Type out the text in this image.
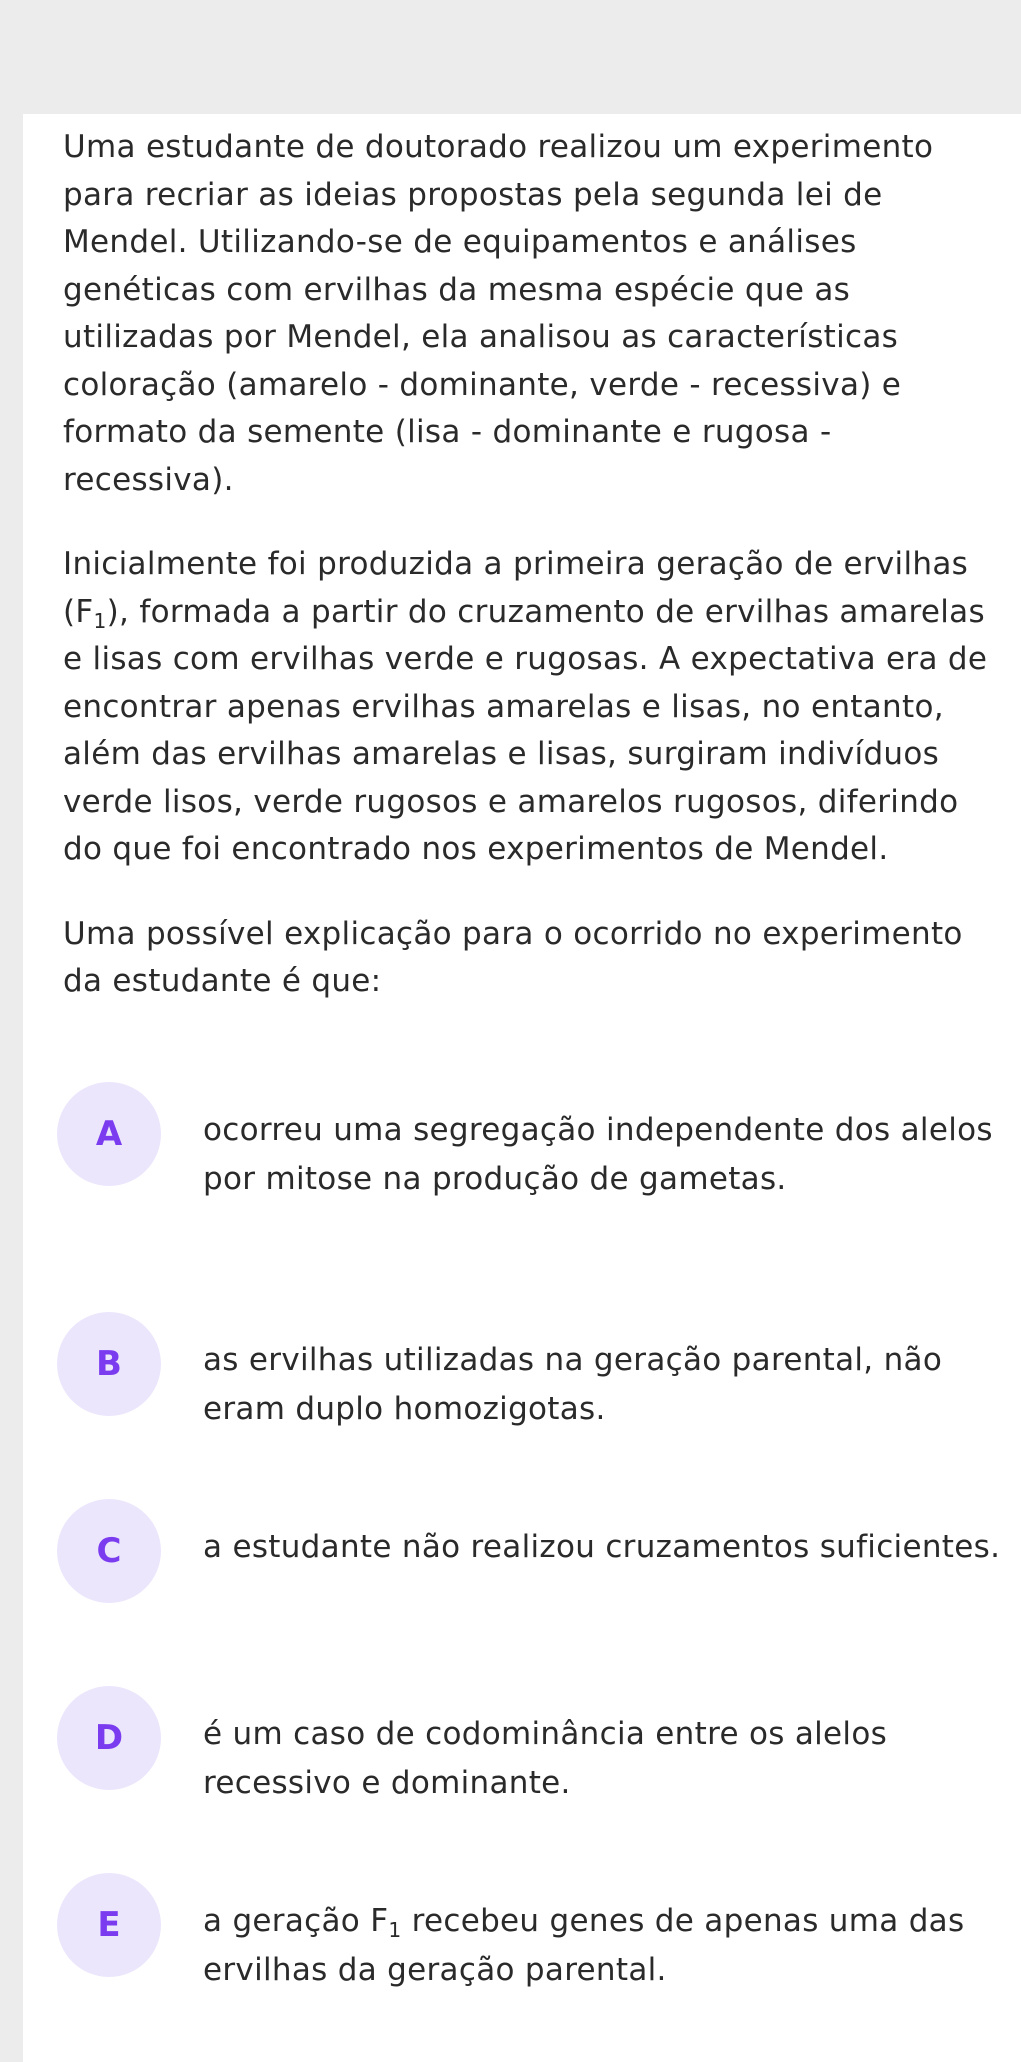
Uma estudante de doutorado realizou um experimento para recriar as ideias propostas pela segunda lei de Mendel. Utilizando-se de equipamentos e análises genéticas com ervilhas da mesma espécie que as utilizadas por Mendel, ela analisou as características coloração (amarelo - dominante, verde - recessiva) e formato da semente (lisa - dominante e rugosa - recessiva).

Inicialmente foi produzida a primeira geração de ervilhas $(F_1)$, formada a partir do cruzamento de ervilhas amarelas e lisas com ervilhas verde e rugosas. A expectativa era de encontrar apenas ervilhas amarelas e lisas, no entanto, além das ervilhas amarelas e lisas, surgiram indivíduos verde lisos, verde rugosos e amarelos rugosos, diferindo do que foi encontrado nos experimentos de Mendel.

Uma possível explicação para o ocorrido no experimento da estudante é que:

A	ocorreu uma segregação independente dos alelos por mitose na produção de gametas.
B	as ervilhas utilizadas na geração parental, não eram duplo homozigotas.
C	a estudante não realizou cruzamentos suficientes.
D	é um caso de codominância entre os alelos recessivo e dominante.
E	a geração $F_1$ recebeu genes de apenas uma das ervilhas da geração parental.
